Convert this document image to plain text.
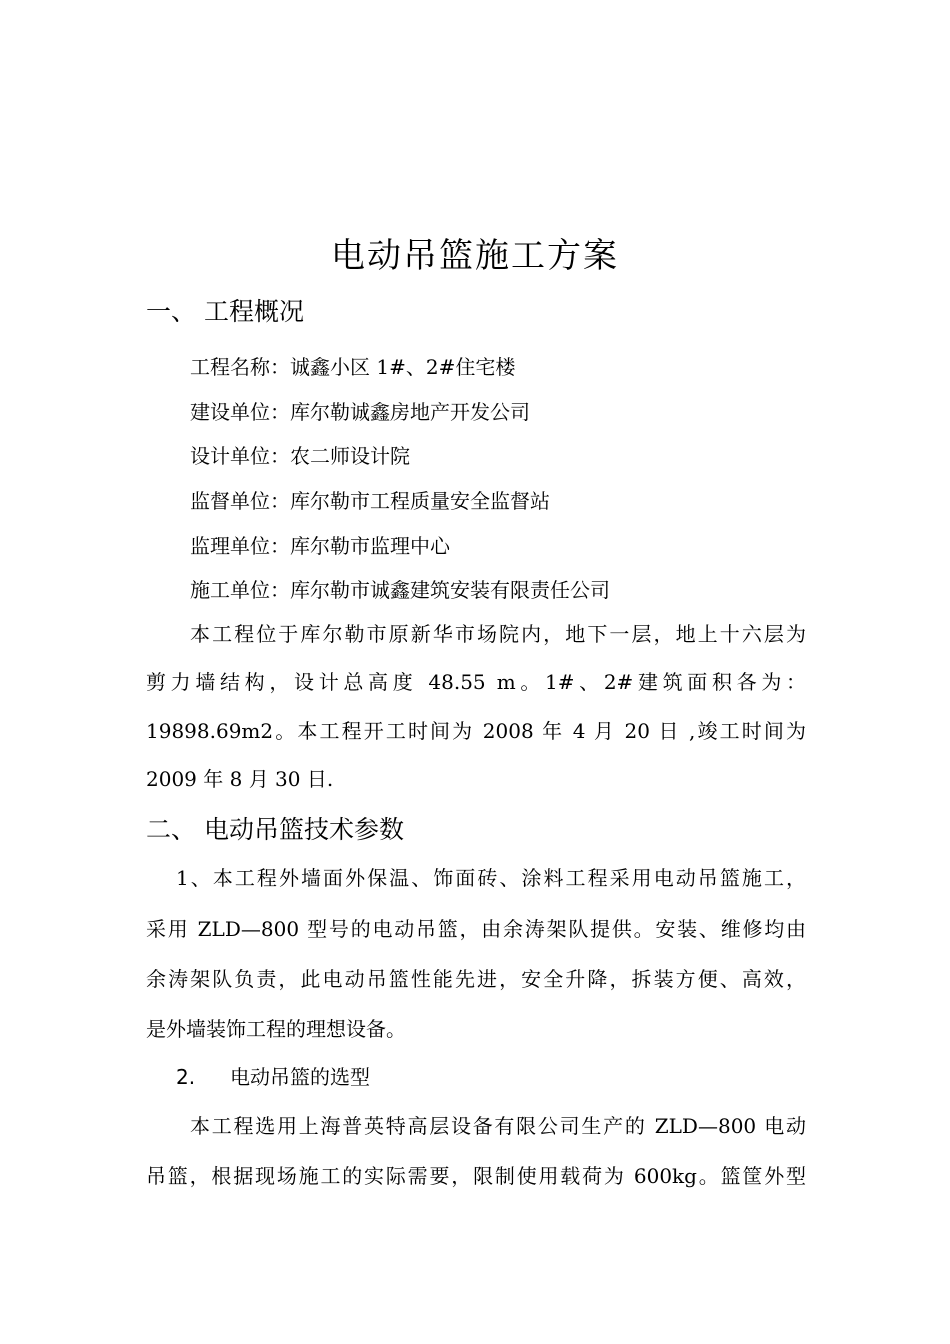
电动吊篮施工方案
一、 工程概况
工程名称：诚鑫小区 1#、2#住宅楼
建设单位：库尔勒诚鑫房地产开发公司
设计单位：农二师设计院
监督单位：库尔勒市工程质量安全监督站
监理单位：库尔勒市监理中心
施工单位：库尔勒市诚鑫建筑安装有限责任公司
本工程位于库尔勒市原新华市场院内，地下一层，地上十六层为
剪力墙结构，设计总高度 48.55 m。1#、2#建筑面积各为：
19898.69m2。本工程开工时间为 2008 年 4 月 20 日 ,竣工时间为
2009 年 8 月 30 日.
二、 电动吊篮技术参数
1、本工程外墙面外保温、饰面砖、涂料工程采用电动吊篮施工，
采用 ZLD—800 型号的电动吊篮，由余涛架队提供。安装、维修均由
余涛架队负责，此电动吊篮性能先进，安全升降，拆装方便、高效，
是外墙装饰工程的理想设备。
2. 电动吊篮的选型
本工程选用上海普英特高层设备有限公司生产的 ZLD—800 电动
吊篮，根据现场施工的实际需要，限制使用载荷为 600kg。篮筐外型
